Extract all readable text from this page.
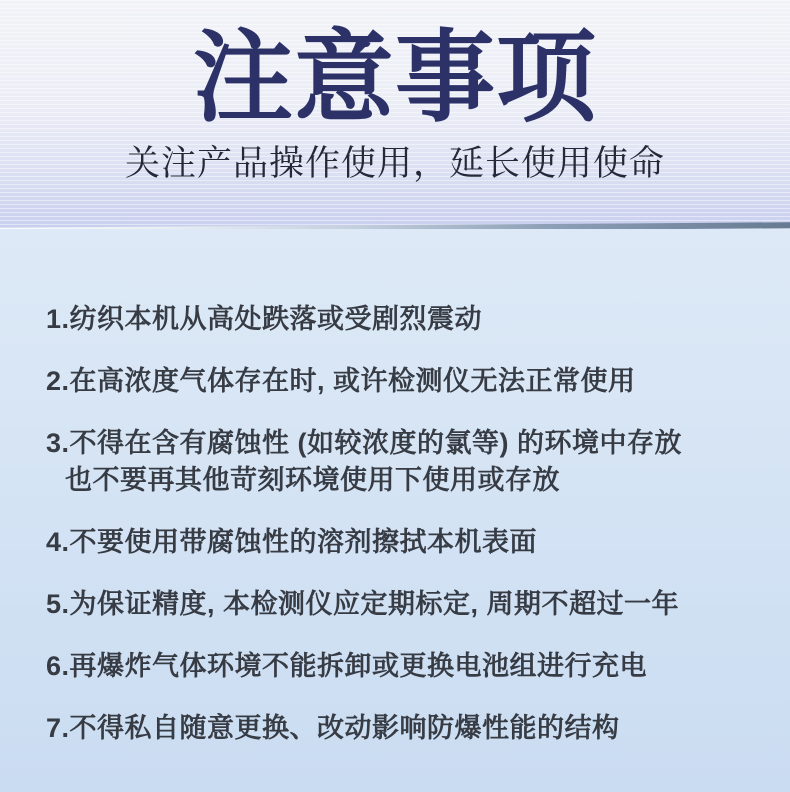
注意事项
关注产品操作使用，延长使用使命
1.纺织本机从高处跌落或受剧烈震动
2.在高浓度气体存在时, 或许检测仪无法正常使用
3.不得在含有腐蚀性 (如较浓度的氯等) 的环境中存放
也不要再其他苛刻环境使用下使用或存放
4.不要使用带腐蚀性的溶剂擦拭本机表面
5.为保证精度, 本检测仪应定期标定, 周期不超过一年
6.再爆炸气体环境不能拆卸或更换电池组进行充电
7.不得私自随意更换、改动影响防爆性能的结构
